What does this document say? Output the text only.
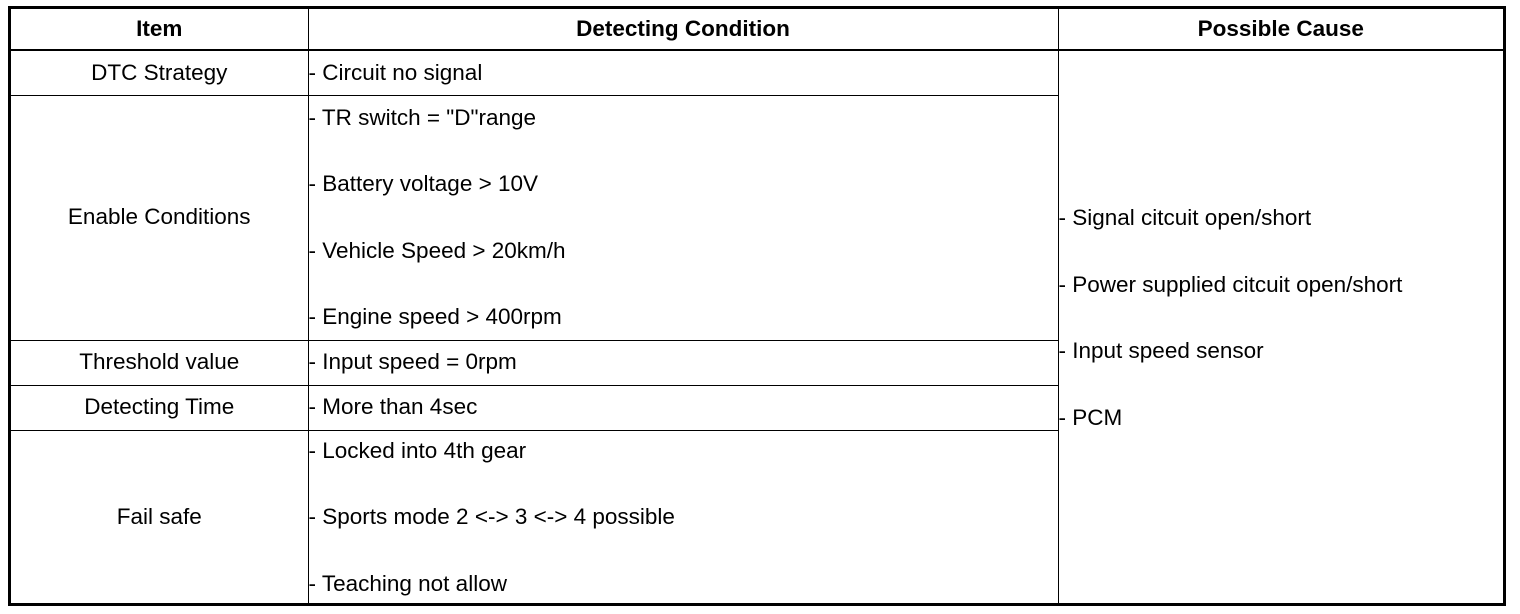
Item	Detecting Condition	Possible Cause
DTC Strategy	- Circuit no signal	- Signal citcuit open/short
- Power supplied citcuit open/short
- Input speed sensor
- PCM

Enable Conditions	- TR switch = "D"range
- Battery voltage > 10V
- Vehicle Speed > 20km/h
- Engine speed > 400rpm	

Threshold value	- Input speed = 0rpm	

Detecting Time	- More than 4sec	

Fail safe	- Locked into 4th gear
- Sports mode 2 <-> 3 <-> 4 possible
- Teaching not allow	
